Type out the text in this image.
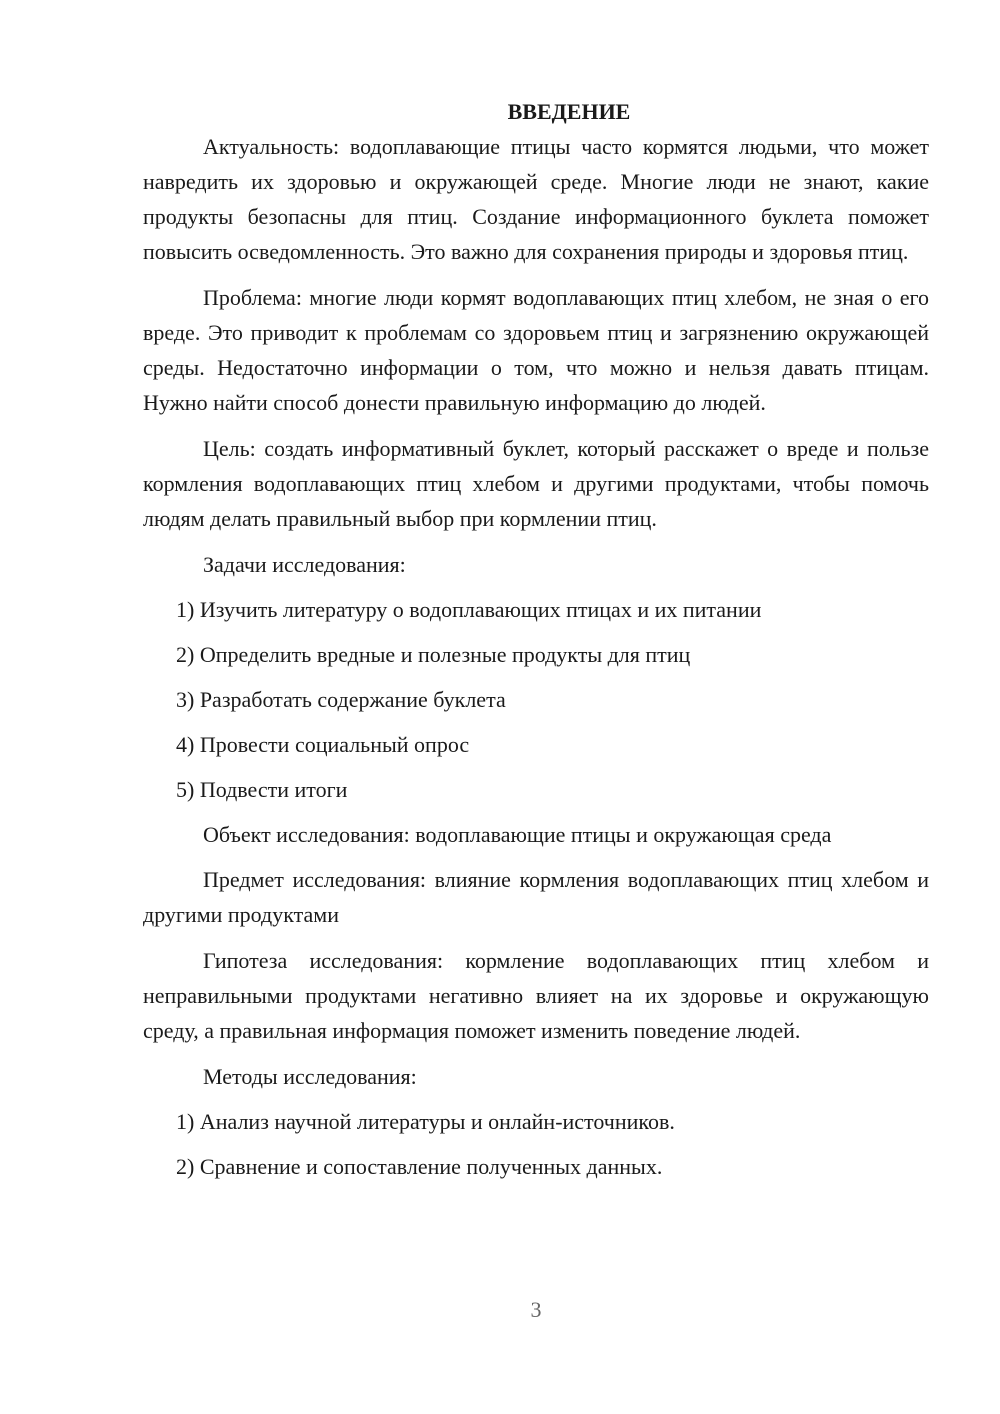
ВВЕДЕНИЕ

Актуальность: водоплавающие птицы часто кормятся людьми, что может навредить их здоровью и окружающей среде. Многие люди не знают, какие продукты безопасны для птиц. Создание информационного буклета поможет повысить осведомленность. Это важно для сохранения природы и здоровья птиц.

Проблема: многие люди кормят водоплавающих птиц хлебом, не зная о его вреде. Это приводит к проблемам со здоровьем птиц и загрязнению окружающей среды. Недостаточно информации о том, что можно и нельзя давать птицам. Нужно найти способ донести правильную информацию до людей.

Цель: создать информативный буклет, который расскажет о вреде и пользе кормления водоплавающих птиц хлебом и другими продуктами, чтобы помочь людям делать правильный выбор при кормлении птиц.

Задачи исследования:

1) Изучить литературу о водоплавающих птицах и их питании

2) Определить вредные и полезные продукты для птиц

3) Разработать содержание буклета

4) Провести социальный опрос

5) Подвести итоги

Объект исследования: водоплавающие птицы и окружающая среда

Предмет исследования: влияние кормления водоплавающих птиц хлебом и другими продуктами

Гипотеза исследования: кормление водоплавающих птиц хлебом и неправильными продуктами негативно влияет на их здоровье и окружающую среду, а правильная информация поможет изменить поведение людей.

Методы исследования:

1) Анализ научной литературы и онлайн-источников.

2) Сравнение и сопоставление полученных данных.

3
